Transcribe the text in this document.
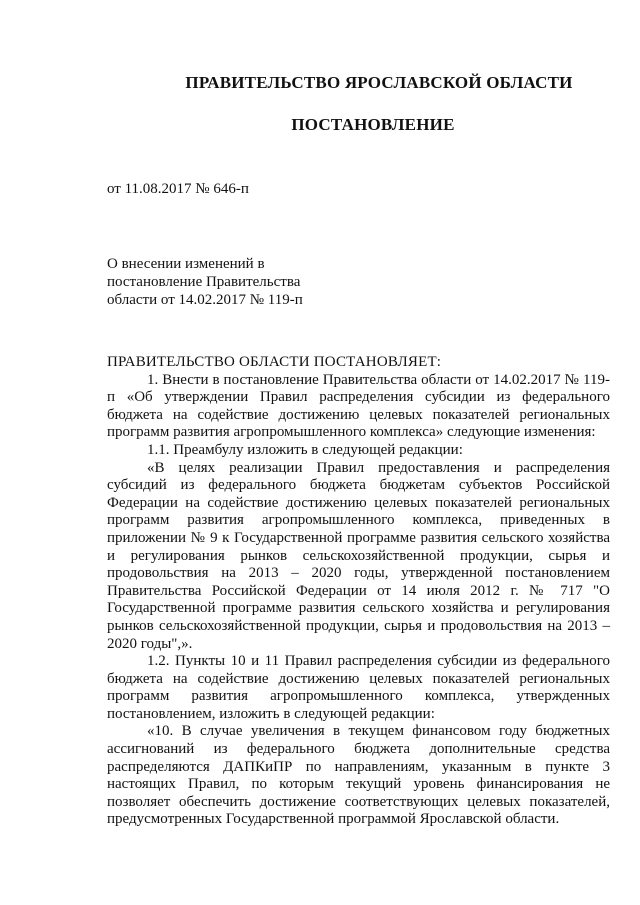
ПРАВИТЕЛЬСТВО ЯРОСЛАВСКОЙ ОБЛАСТИ
ПОСТАНОВЛЕНИЕ
от 11.08.2017 № 646-п
О внесении изменений в
постановление Правительства
области от 14.02.2017 № 119-п

ПРАВИТЕЛЬСТВО ОБЛАСТИ ПОСТАНОВЛЯЕТ:

1. Внести в постановление Правительства области от 14.02.2017 № 119-п «Об утверждении Правил распределения субсидии из федерального бюджета на содействие достижению целевых показателей региональных программ развития агропромышленного комплекса» следующие изменения:

1.1. Преамбулу изложить в следующей редакции:

«В целях реализации Правил предоставления и распределения субсидий из федерального бюджета бюджетам субъектов Российской Федерации на содействие достижению целевых показателей региональных программ развития агропромышленного комплекса, приведенных в приложении № 9 к Государственной программе развития сельского хозяйства и регулирования рынков сельскохозяйственной продукции, сырья и продовольствия на 2013 – 2020 годы, утвержденной постановлением Правительства Российской Федерации от 14 июля 2012 г. № 717 "О Государственной программе развития сельского хозяйства и регулирования рынков сельскохозяйственной продукции, сырья и продовольствия на 2013 – 2020 годы",».

1.2. Пункты 10 и 11 Правил распределения субсидии из федерального бюджета на содействие достижению целевых показателей региональных программ развития агропромышленного комплекса, утвержденных постановлением, изложить в следующей редакции:

«10. В случае увеличения в текущем финансовом году бюджетных ассигнований из федерального бюджета дополнительные средства распределяются ДАПКиПР по направлениям, указанным в пункте 3 настоящих Правил, по которым текущий уровень финансирования не позволяет обеспечить достижение соответствующих целевых показателей, предусмотренных Государственной программой Ярославской области.
